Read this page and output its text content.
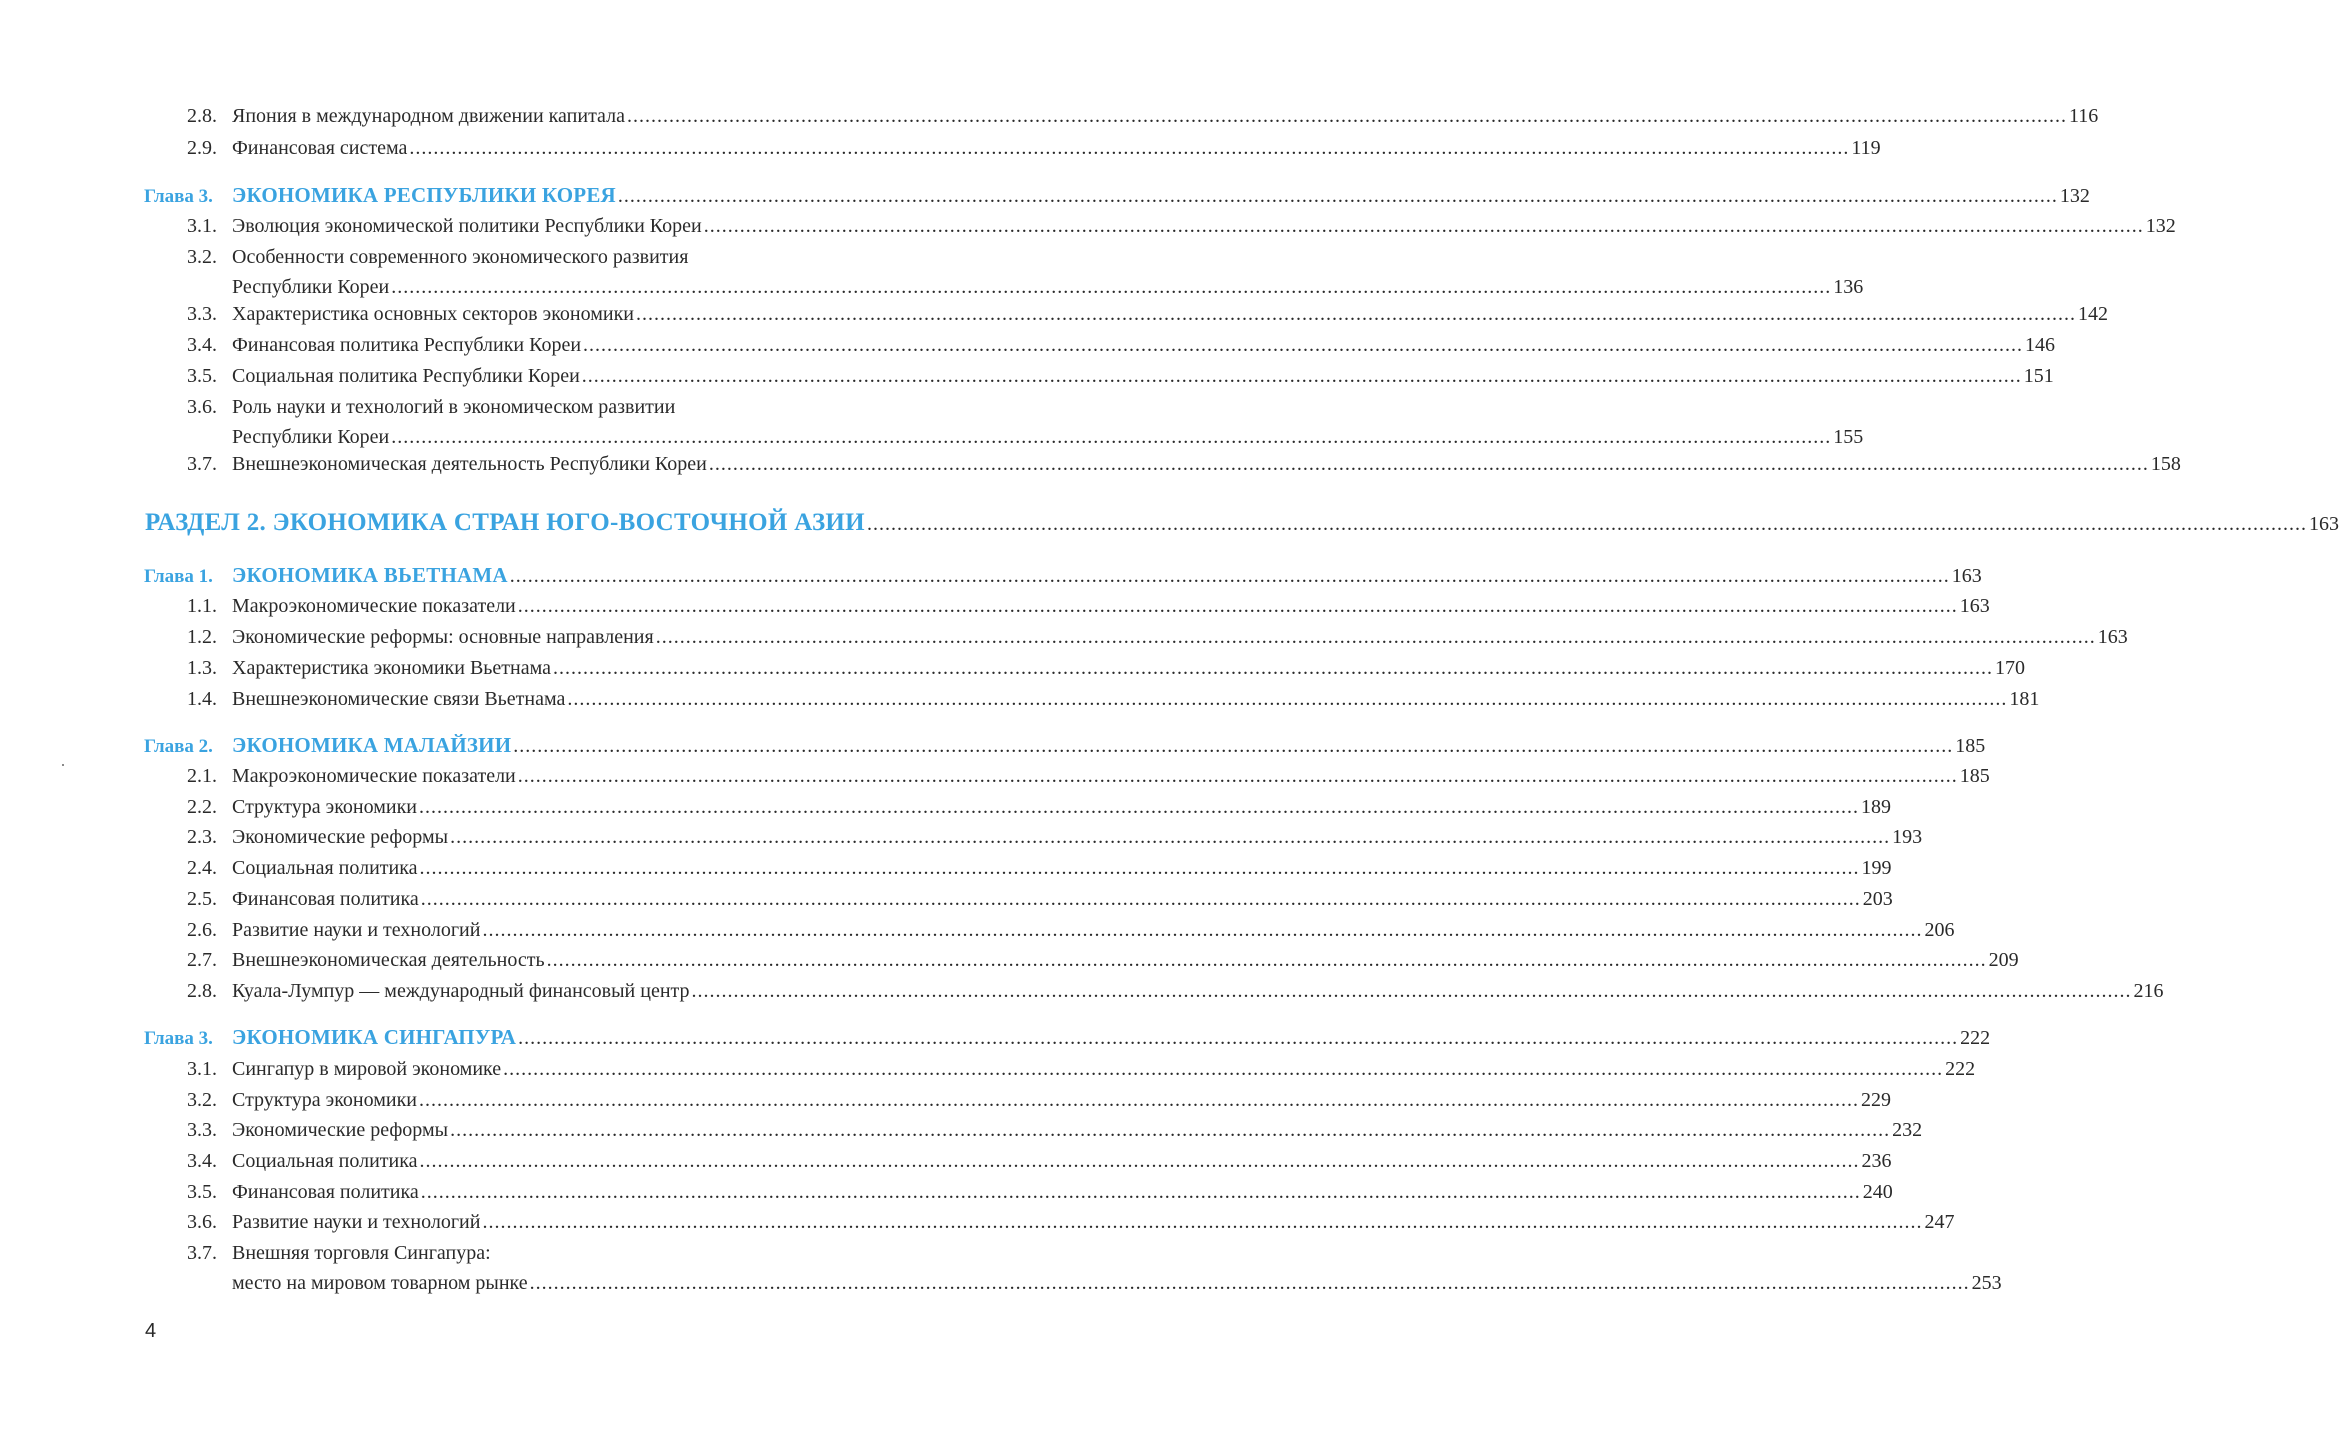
2.8. Япония в международном движении капитала .....	116
2.9. Финансовая система .....	119
Глава 3. ЭКОНОМИКА РЕСПУБЛИКИ КОРЕЯ .....	132
3.1. Эволюция экономической политики Республики Кореи .....	132
3.2. Особенности современного экономического развития
Республики Кореи .....	136
3.3. Характеристика основных секторов экономики .....	142
3.4. Финансовая политика Республики Кореи .....	146
3.5. Социальная политика Республики Кореи .....	151
3.6. Роль науки и технологий в экономическом развитии
Республики Кореи .....	155
3.7. Внешнеэкономическая деятельность Республики Кореи .....	158
РАЗДЕЛ 2. ЭКОНОМИКА СТРАН ЮГО-ВОСТОЧНОЙ АЗИИ .....	163
Глава 1. ЭКОНОМИКА ВЬЕТНАМА .....	163
1.1. Макроэкономические показатели .....	163
1.2. Экономические реформы: основные направления .....	163
1.3. Характеристика экономики Вьетнама .....	170
1.4. Внешнеэкономические связи Вьетнама .....	181
Глава 2. ЭКОНОМИКА МАЛАЙЗИИ .....	185
2.1. Макроэкономические показатели .....	185
2.2. Структура экономики .....	189
2.3. Экономические реформы .....	193
2.4. Социальная политика .....	199
2.5. Финансовая политика .....	203
2.6. Развитие науки и технологий .....	206
2.7. Внешнеэкономическая деятельность .....	209
2.8. Куала-Лумпур — международный финансовый центр .....	216
Глава 3. ЭКОНОМИКА СИНГАПУРА .....	222
3.1. Сингапур в мировой экономике .....	222
3.2. Структура экономики .....	229
3.3. Экономические реформы .....	232
3.4. Социальная политика .....	236
3.5. Финансовая политика .....	240
3.6. Развитие науки и технологий .....	247
3.7. Внешняя торговля Сингапура:
место на мировом товарном рынке .....	253
4
